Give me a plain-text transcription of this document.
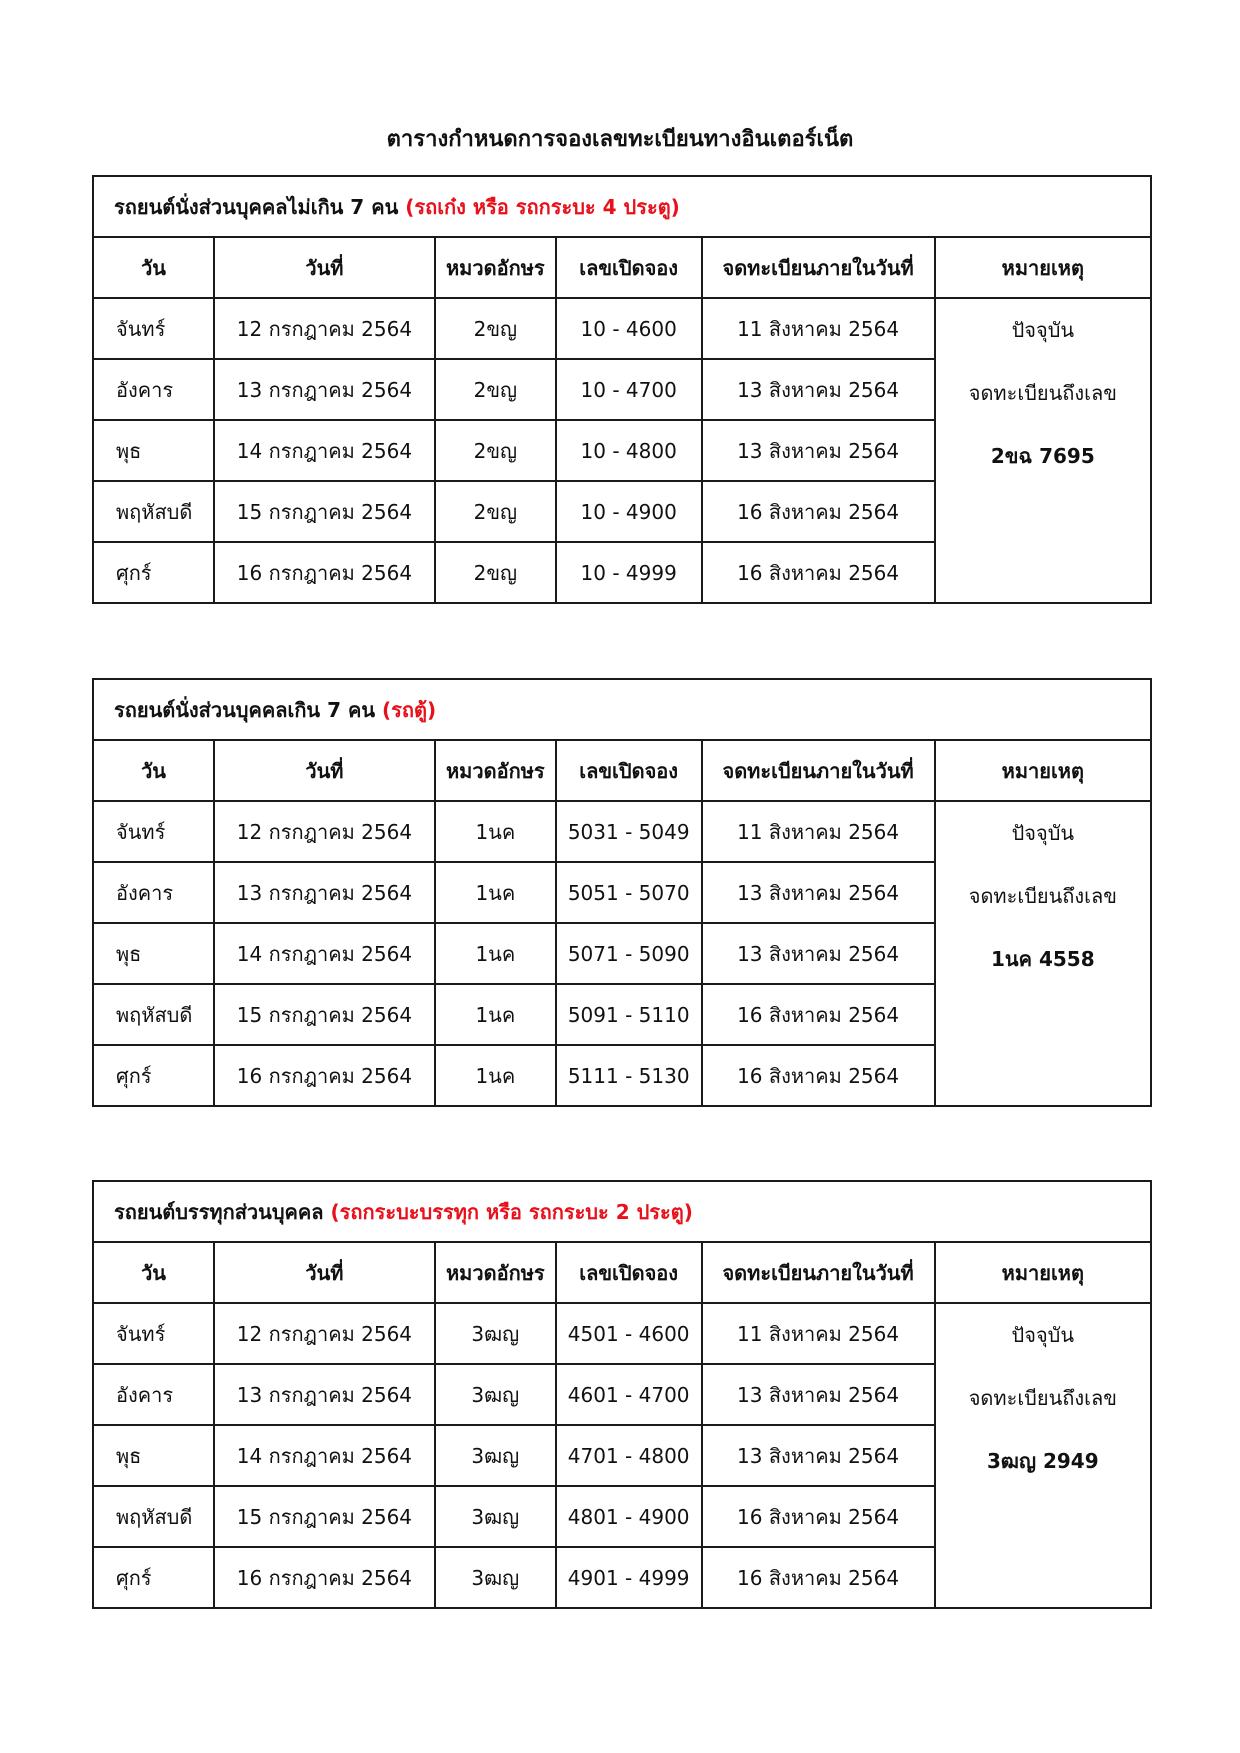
ตารางกำหนดการจองเลขทะเบียนทางอินเตอร์เน็ต
รถยนต์นั่งส่วนบุคคลไม่เกิน 7 คน (รถเก๋ง หรือ รถกระบะ 4 ประตู)					
วัน	วันที่	หมวดอักษร	เลขเปิดจอง	จดทะเบียนภายในวันที่	หมายเหตุ
จันทร์	12 กรกฎาคม 2564	2ขญ	10 - 4600	11 สิงหาคม 2564	ปัจจุบัน
จดทะเบียนถึงเลข
2ขฉ 7695

อังคาร	13 กรกฎาคม 2564	2ขญ	10 - 4700	13 สิงหาคม 2564	
พุธ	14 กรกฎาคม 2564	2ขญ	10 - 4800	13 สิงหาคม 2564	
พฤหัสบดี	15 กรกฎาคม 2564	2ขญ	10 - 4900	16 สิงหาคม 2564	
ศุกร์	16 กรกฎาคม 2564	2ขญ	10 - 4999	16 สิงหาคม 2564	
รถยนต์นั่งส่วนบุคคลเกิน 7 คน (รถตู้)					
วัน	วันที่	หมวดอักษร	เลขเปิดจอง	จดทะเบียนภายในวันที่	หมายเหตุ
จันทร์	12 กรกฎาคม 2564	1นค	5031 - 5049	11 สิงหาคม 2564	ปัจจุบัน
จดทะเบียนถึงเลข
1นค 4558

อังคาร	13 กรกฎาคม 2564	1นค	5051 - 5070	13 สิงหาคม 2564	
พุธ	14 กรกฎาคม 2564	1นค	5071 - 5090	13 สิงหาคม 2564	
พฤหัสบดี	15 กรกฎาคม 2564	1นค	5091 - 5110	16 สิงหาคม 2564	
ศุกร์	16 กรกฎาคม 2564	1นค	5111 - 5130	16 สิงหาคม 2564	
รถยนต์บรรทุกส่วนบุคคล (รถกระบะบรรทุก หรือ รถกระบะ 2 ประตู)					
วัน	วันที่	หมวดอักษร	เลขเปิดจอง	จดทะเบียนภายในวันที่	หมายเหตุ
จันทร์	12 กรกฎาคม 2564	3ฒญ	4501 - 4600	11 สิงหาคม 2564	ปัจจุบัน
จดทะเบียนถึงเลข
3ฒญ 2949

อังคาร	13 กรกฎาคม 2564	3ฒญ	4601 - 4700	13 สิงหาคม 2564	
พุธ	14 กรกฎาคม 2564	3ฒญ	4701 - 4800	13 สิงหาคม 2564	
พฤหัสบดี	15 กรกฎาคม 2564	3ฒญ	4801 - 4900	16 สิงหาคม 2564	
ศุกร์	16 กรกฎาคม 2564	3ฒญ	4901 - 4999	16 สิงหาคม 2564	
